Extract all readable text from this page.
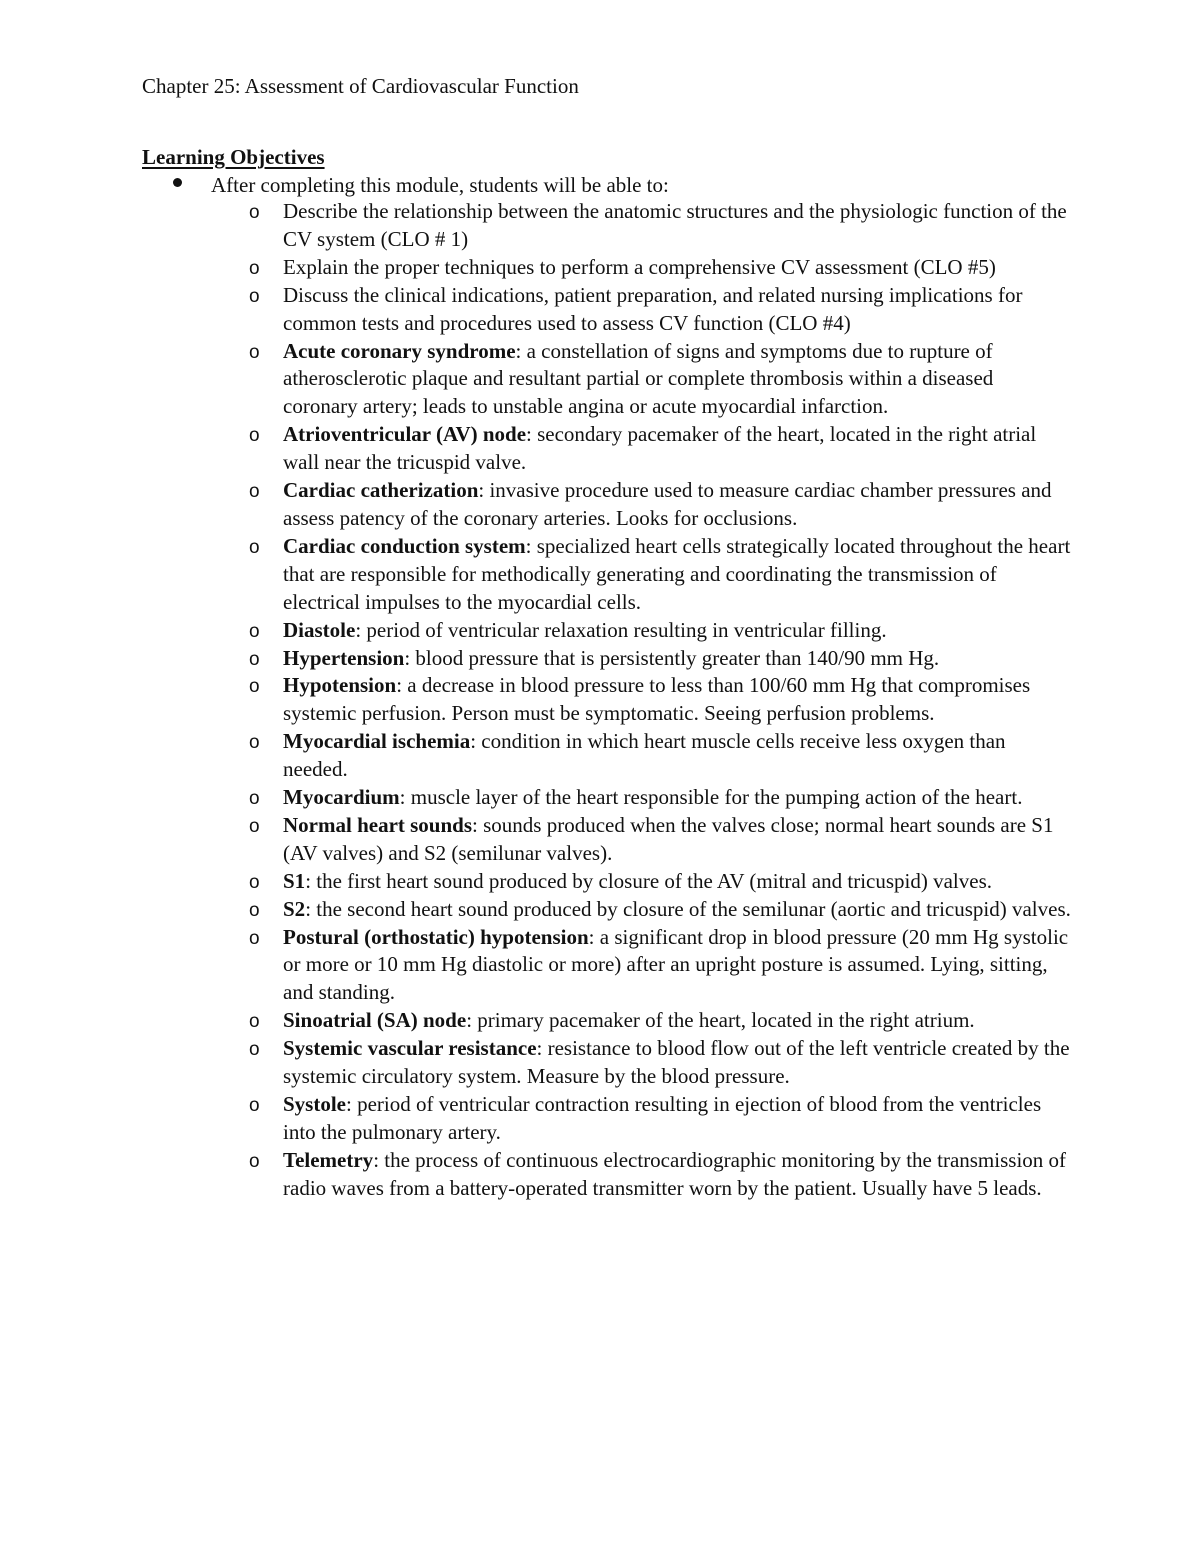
Chapter 25: Assessment of Cardiovascular Function
Learning Objectives
After completing this module, students will be able to:
o Describe the relationship between the anatomic structures and the physiologic function of the CV system (CLO # 1)
o Explain the proper techniques to perform a comprehensive CV assessment (CLO #5)
o Discuss the clinical indications, patient preparation, and related nursing implications for common tests and procedures used to assess CV function (CLO #4)
o Acute coronary syndrome: a constellation of signs and symptoms due to rupture of atherosclerotic plaque and resultant partial or complete thrombosis within a diseased coronary artery; leads to unstable angina or acute myocardial infarction.
o Atrioventricular (AV) node: secondary pacemaker of the heart, located in the right atrial wall near the tricuspid valve.
o Cardiac catherization: invasive procedure used to measure cardiac chamber pressures and assess patency of the coronary arteries. Looks for occlusions.
o Cardiac conduction system: specialized heart cells strategically located throughout the heart that are responsible for methodically generating and coordinating the transmission of electrical impulses to the myocardial cells.
o Diastole: period of ventricular relaxation resulting in ventricular filling.
o Hypertension: blood pressure that is persistently greater than 140/90 mm Hg.
o Hypotension: a decrease in blood pressure to less than 100/60 mm Hg that compromises systemic perfusion. Person must be symptomatic. Seeing perfusion problems.
o Myocardial ischemia: condition in which heart muscle cells receive less oxygen than needed.
o Myocardium: muscle layer of the heart responsible for the pumping action of the heart.
o Normal heart sounds: sounds produced when the valves close; normal heart sounds are S1 (AV valves) and S2 (semilunar valves).
o S1: the first heart sound produced by closure of the AV (mitral and tricuspid) valves.
o S2: the second heart sound produced by closure of the semilunar (aortic and tricuspid) valves.
o Postural (orthostatic) hypotension: a significant drop in blood pressure (20 mm Hg systolic or more or 10 mm Hg diastolic or more) after an upright posture is assumed. Lying, sitting, and standing.
o Sinoatrial (SA) node: primary pacemaker of the heart, located in the right atrium.
o Systemic vascular resistance: resistance to blood flow out of the left ventricle created by the systemic circulatory system. Measure by the blood pressure.
o Systole: period of ventricular contraction resulting in ejection of blood from the ventricles into the pulmonary artery.
o Telemetry: the process of continuous electrocardiographic monitoring by the transmission of radio waves from a battery-operated transmitter worn by the patient. Usually have 5 leads.
